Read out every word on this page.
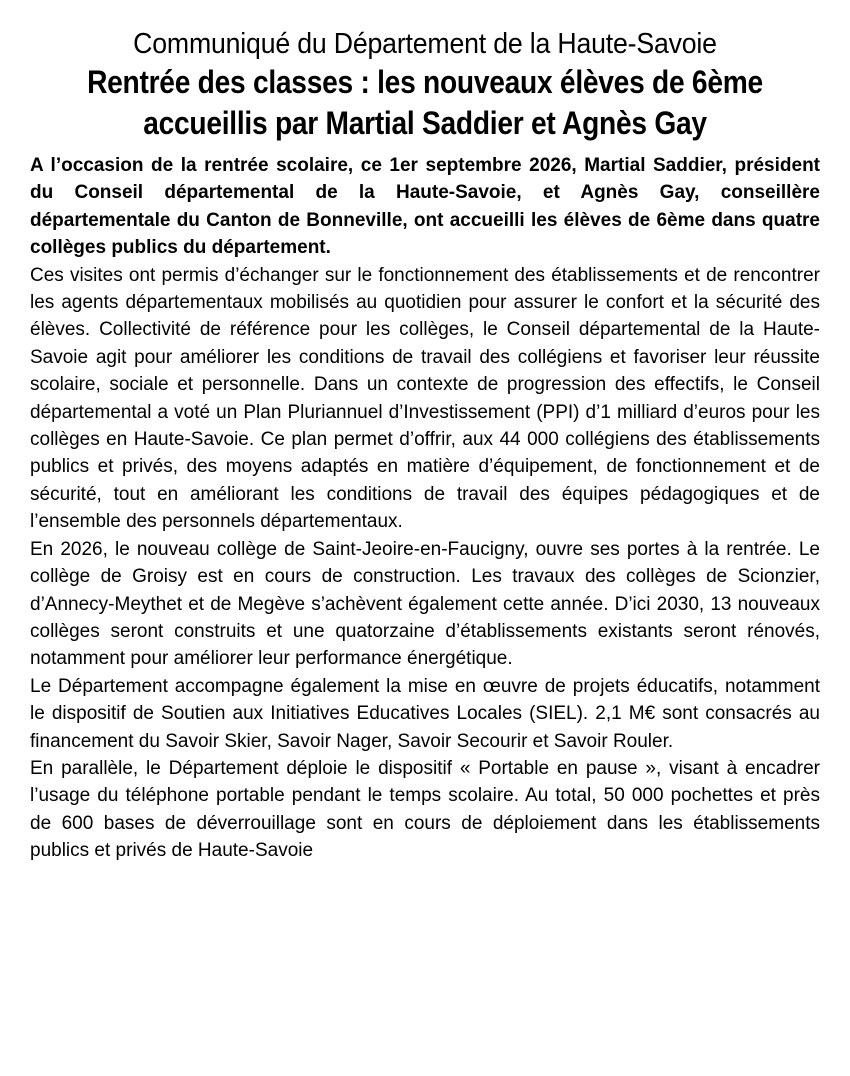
Communiqué du Département de la Haute-Savoie
Rentrée des classes : les nouveaux élèves de 6ème
accueillis par Martial Saddier et Agnès Gay

A l’occasion de la rentrée scolaire, ce 1er septembre 2026, Martial Saddier, président du Conseil départemental de la Haute-Savoie, et Agnès Gay, conseillère départementale du Canton de Bonneville, ont accueilli les élèves de 6ème dans quatre collèges publics du département.

Ces visites ont permis d’échanger sur le fonctionnement des établissements et de rencontrer les agents départementaux mobilisés au quotidien pour assurer le confort et la sécurité des élèves. Collectivité de référence pour les collèges, le Conseil départemental de la Haute-Savoie agit pour améliorer les conditions de travail des collégiens et favoriser leur réussite scolaire, sociale et personnelle. Dans un contexte de progression des effectifs, le Conseil départemental a voté un Plan Pluriannuel d’Investissement (PPI) d’1 milliard d’euros pour les collèges en Haute-Savoie. Ce plan permet d’offrir, aux 44 000 collégiens des établissements publics et privés, des moyens adaptés en matière d’équipement, de fonctionnement et de sécurité, tout en améliorant les conditions de travail des équipes pédagogiques et de l’ensemble des personnels départementaux.

En 2026, le nouveau collège de Saint-Jeoire-en-Faucigny, ouvre ses portes à la rentrée. Le collège de Groisy est en cours de construction. Les travaux des collèges de Scionzier, d’Annecy-Meythet et de Megève s’achèvent également cette année. D’ici 2030, 13 nouveaux collèges seront construits et une quatorzaine d’établissements existants seront rénovés, notamment pour améliorer leur performance énergétique.

Le Département accompagne également la mise en œuvre de projets éducatifs, notamment le dispositif de Soutien aux Initiatives Educatives Locales (SIEL). 2,1 M€ sont consacrés au financement du Savoir Skier, Savoir Nager, Savoir Secourir et Savoir Rouler.

En parallèle, le Département déploie le dispositif « Portable en pause », visant à encadrer l’usage du téléphone portable pendant le temps scolaire. Au total, 50 000 pochettes et près de 600 bases de déverrouillage sont en cours de déploiement dans les établissements publics et privés de Haute-Savoie
